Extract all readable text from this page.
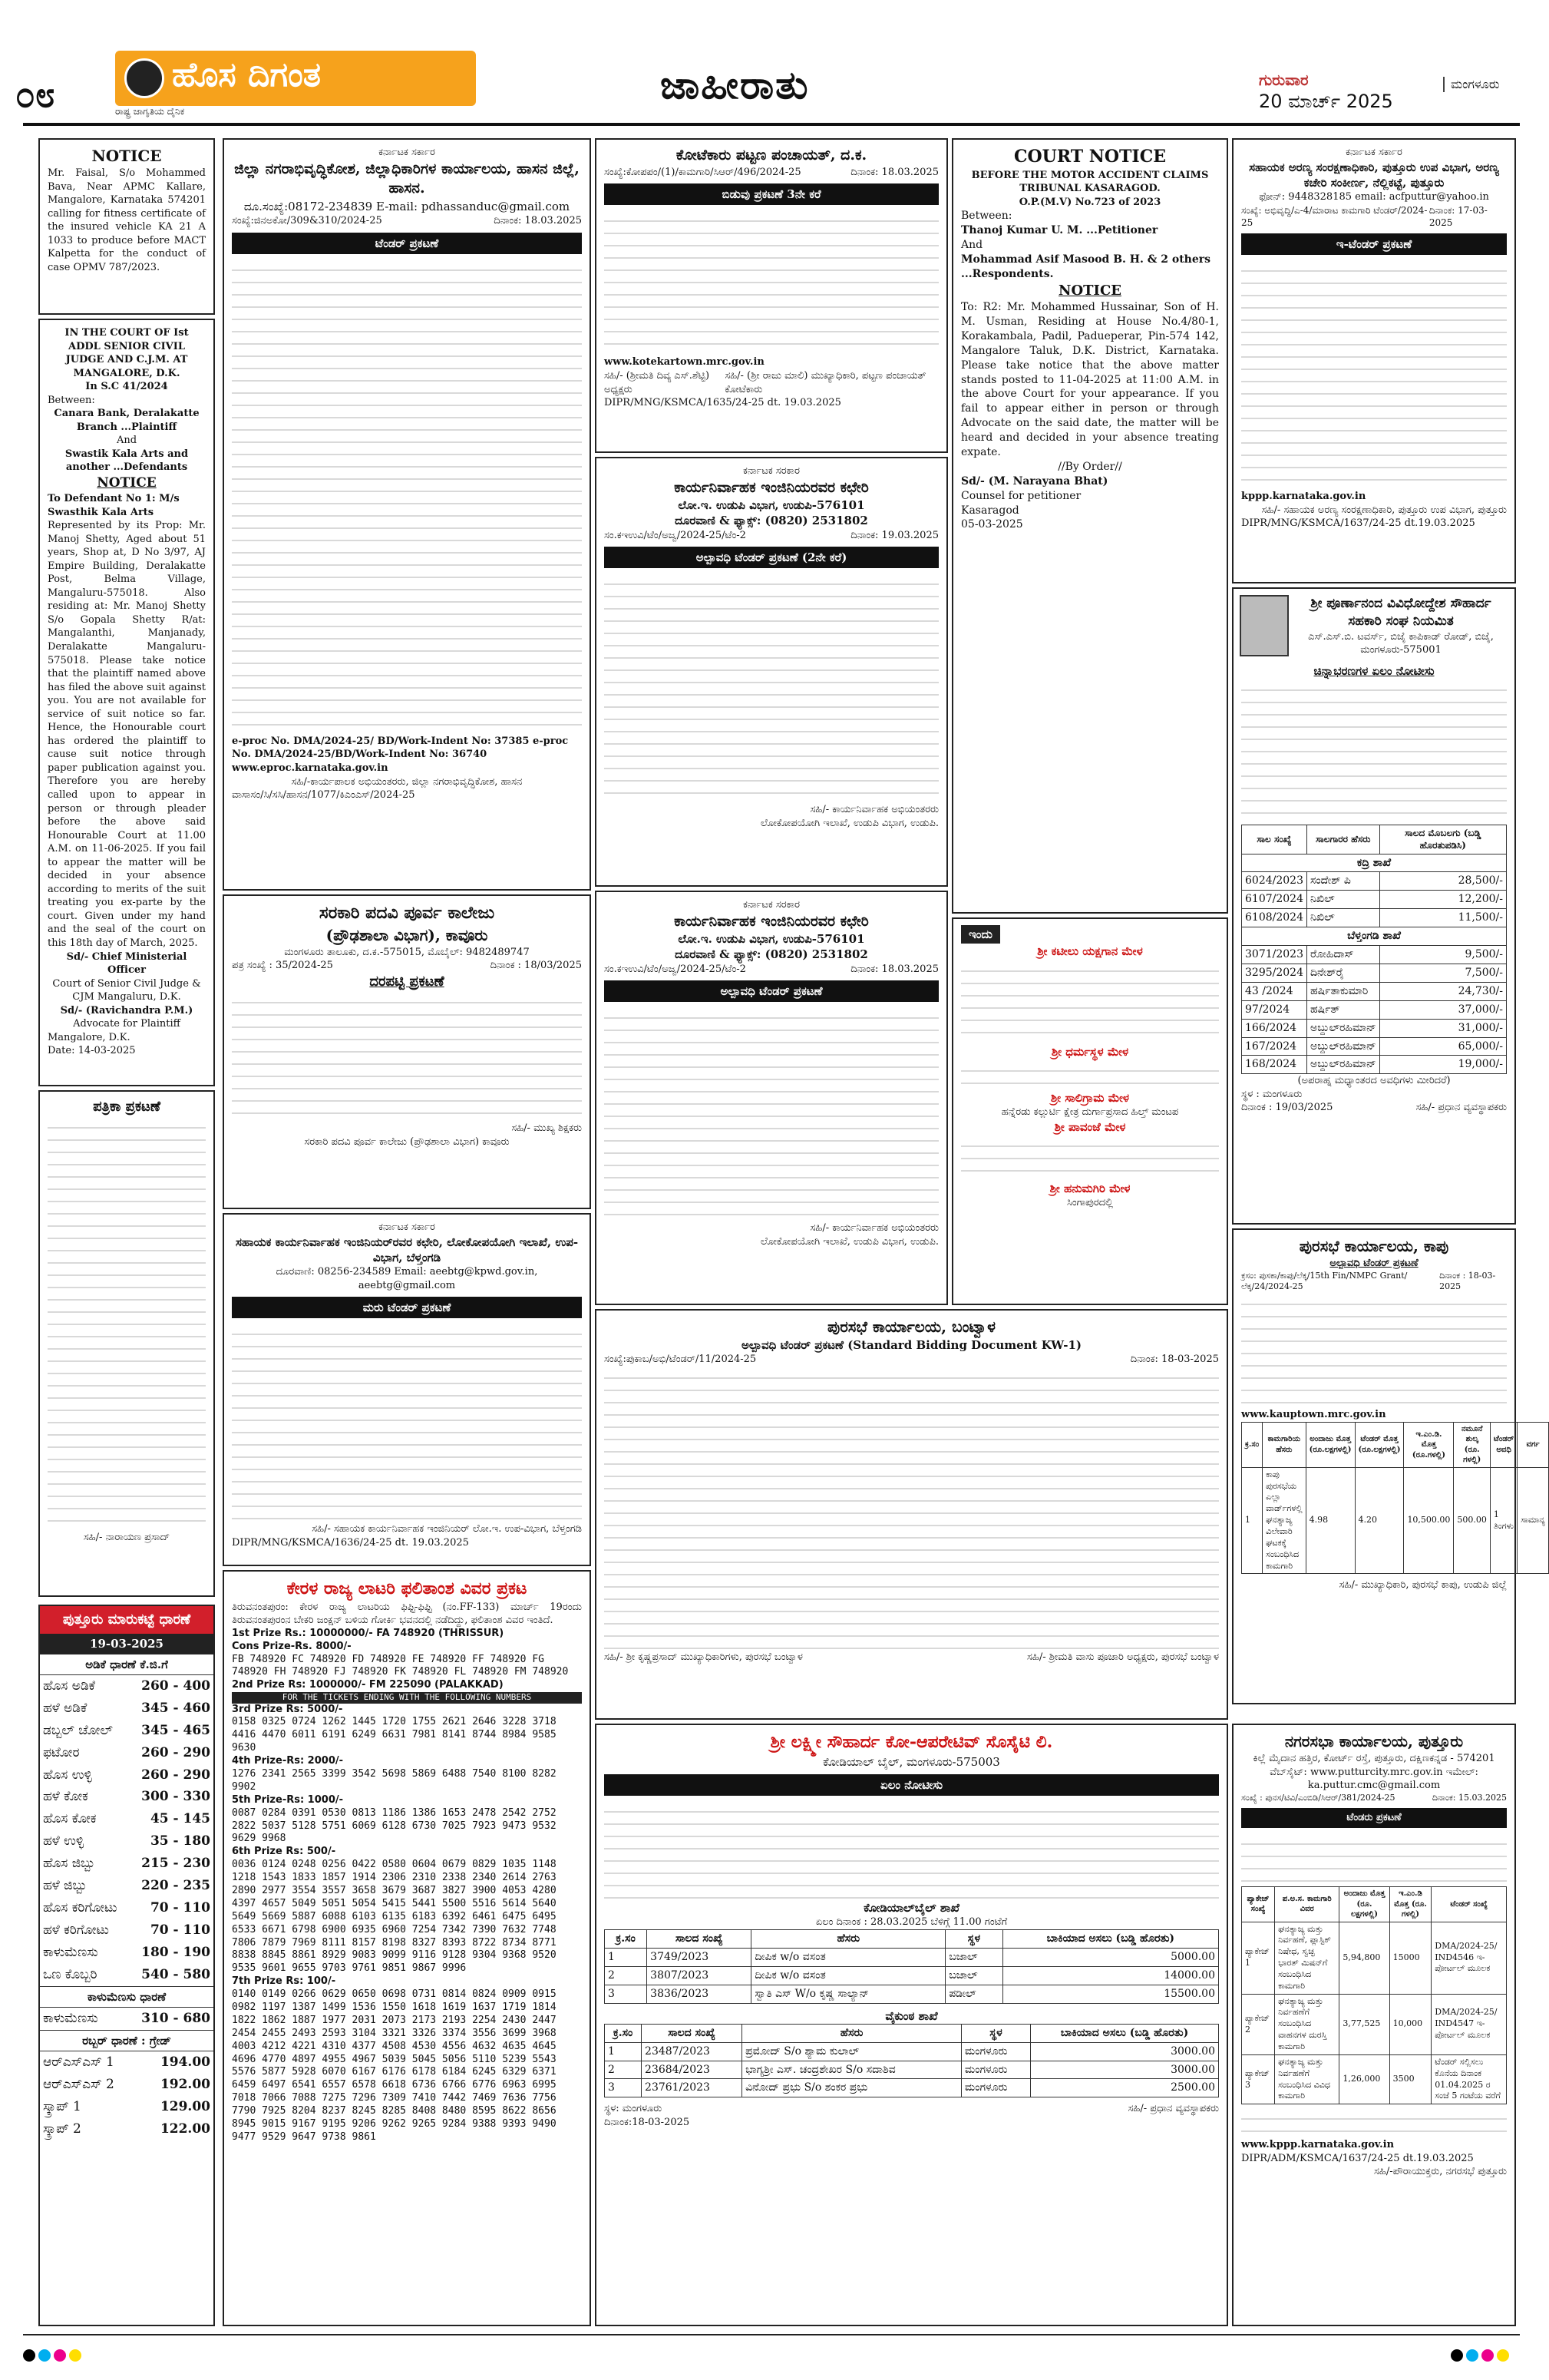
೦೮	ಹೊಸ ದಿಗಂತ
ರಾಷ್ಟ್ರ ಜಾಗೃತಿಯ ದೈನಿಕ
ಜಾಹೀರಾತು	ಗುರುವಾರ
20 ಮಾರ್ಚ್ 2025
ಮಂಗಳೂರು
NOTICE
Mr. Faisal, S/o Mohammed Bava, Near APMC Kallare, Mangalore, Karnataka 574201 calling for fitness certificate of the insured vehicle KA 21 A 1033 to produce before MACT Kalpetta for the conduct of case OPMV 787/2023.
IN THE COURT OF Ist ADDL SENIOR CIVIL JUDGE AND C.J.M. AT MANGALORE, D.K.
In S.C 41/2024
Between:
Canara Bank, Deralakatte Branch ...Plaintiff
And
Swastik Kala Arts and another ...Defendants
NOTICE
To Defendant No 1: M/s Swasthik Kala Arts
Represented by its Prop: Mr. Manoj Shetty, Aged about 51 years, Shop at, D No 3/97, AJ Empire Building, Deralakatte Post, Belma Village, Mangaluru-575018. Also residing at: Mr. Manoj Shetty S/o Gopala Shetty R/at: Mangalanthi, Manjanady, Deralakatte Mangaluru-575018. Please take notice that the plaintiff named above has filed the above suit against you. You are not available for service of suit notice so far. Hence, the Honourable court has ordered the plaintiff to cause suit notice through paper publication against you. Therefore you are hereby called upon to appear in person or through pleader before the above said Honourable Court at 11.00 A.M. on 11-06-2025. If you fail to appear the matter will be decided in your absence according to merits of the suit treating you ex-parte by the court. Given under my hand and the seal of the court on this 18th day of March, 2025.
Sd/- Chief Ministerial Officer
Court of Senior Civil Judge & CJM Mangaluru, D.K.
Sd/- (Ravichandra P.M.)
Advocate for Plaintiff
Mangalore, D.K.
Date: 14-03-2025
ಪತ್ರಿಕಾ ಪ್ರಕಟಣೆ
ಸಹಿ/- ನಾರಾಯಣ ಪ್ರಸಾದ್
ಪುತ್ತೂರು ಮಾರುಕಟ್ಟೆ ಧಾರಣೆ
19-03-2025
ಅಡಿಕೆ ಧಾರಣೆ ಕೆ.ಜಿ.ಗೆ
ಹೊಸ ಅಡಿಕೆ	260 - 400
ಹಳೆ ಅಡಿಕೆ	345 - 460
ಡಬ್ಬಲ್ ಚೋಲ್	345 - 465
ಫಟೋರ	260 - 290
ಹೊಸ ಉಳ್ಳಿ	260 - 290
ಹಳೆ ಕೋಕ	300 - 330
ಹೊಸ ಕೋಕ	45 - 145
ಹಳೆ ಉಳ್ಳಿ	35 - 180
ಹೊಸ ಜಿಬ್ಬು	215 - 230
ಹಳೆ ಜಿಬ್ಬು	220 - 235
ಹೊಸ ಕರಿಗೋಟು	70 - 110
ಹಳೆ ಕರಿಗೋಟು	70 - 110
ಕಾಳುಮೆಣಸು	180 - 190
ಒಣ ಕೊಬ್ಬರಿ	540 - 580
ಕಾಳುಮೆಣಸು ಧಾರಣೆ
ಕಾಳುಮೆಣಸು	310 - 680
ರಬ್ಬರ್ ಧಾರಣೆ : ಗ್ರೇಡ್
ಆರ್‌ಎಸ್‌ಎಸ್ 1	194.00
ಆರ್‌ಎಸ್‌ಎಸ್ 2	192.00
ಸ್ಕ್ರಾಪ್ 1	129.00
ಸ್ಕ್ರಾಪ್ 2	122.00
ಕರ್ನಾಟಕ ಸರ್ಕಾರ
ಜಿಲ್ಲಾ ನಗರಾಭಿವೃದ್ಧಿಕೋಶ, ಜಿಲ್ಲಾಧಿಕಾರಿಗಳ ಕಾರ್ಯಾಲಯ, ಹಾಸನ ಜಿಲ್ಲೆ, ಹಾಸನ.
ದೂ.ಸಂಖ್ಯೆ:08172-234839 E-mail: pdhassanduc@gmail.com
ಸಂಖ್ಯೆ:ಜಿನಅಕೋ/309&310/2024-25	ದಿನಾಂಕ: 18.03.2025
ಟೆಂಡರ್ ಪ್ರಕಟಣೆ
e-proc No. DMA/2024-25/ BD/Work-Indent No: 37385 e-proc No. DMA/2024-25/BD/Work-Indent No: 36740
www.eproc.karnataka.gov.in
ಸಹಿ/-ಕಾರ್ಯಪಾಲಕ ಅಭಿಯಂತರರು, ಜಿಲ್ಲಾ ನಗರಾಭಿವೃದ್ಧಿಕೋಶ, ಹಾಸನ
ವಾಸಾಸಂ/ಸಿ/ಸಸಿ/ಹಾಸನ/1077/ಕಿಎಂಎಸ್/2024-25
ಸರಕಾರಿ ಪದವಿ ಪೂರ್ವ ಕಾಲೇಜು
(ಪ್ರೌಢಶಾಲಾ ವಿಭಾಗ), ಕಾವೂರು
ಮಂಗಳೂರು ತಾಲೂಕು, ದ.ಕ.-575015, ಮೊಬೈಲ್: 9482489747
ಪತ್ರ ಸಂಖ್ಯೆ : 35/2024-25	ದಿನಾಂಕ : 18/03/2025
ದರಪಟ್ಟಿ ಪ್ರಕಟಣೆ
ಸಹಿ/- ಮುಖ್ಯ ಶಿಕ್ಷಕರು
ಸರಕಾರಿ ಪದವಿ ಪೂರ್ವ ಕಾಲೇಜು (ಪ್ರೌಢಶಾಲಾ ವಿಭಾಗ) ಕಾವೂರು
ಕರ್ನಾಟಕ ಸರ್ಕಾರ
ಸಹಾಯಕ ಕಾರ್ಯನಿರ್ವಾಹಕ ಇಂಜಿನಿಯರ್‌ರವರ ಕಛೇರಿ, ಲೋಕೋಪಯೋಗಿ ಇಲಾಖೆ, ಉಪ-ವಿಭಾಗ, ಬೆಳ್ತಂಗಡಿ
ದೂರವಾಣಿ: 08256-234589 Email: aeebtg@kpwd.gov.in, aeebtg@gmail.com
ಮರು ಟೆಂಡರ್ ಪ್ರಕಟಣೆ
ಸಹಿ/- ಸಹಾಯಕ ಕಾರ್ಯನಿರ್ವಾಹಕ ಇಂಜಿನಿಯರ್ ಲೋ.ಇ. ಉಪ-ವಿಭಾಗ, ಬೆಳ್ತಂಗಡಿ
DIPR/MNG/KSMCA/1636/24-25 dt. 19.03.2025
ಕೇರಳ ರಾಜ್ಯ ಲಾಟರಿ ಫಲಿತಾಂಶ ವಿವರ ಪ್ರಕಟ
ತಿರುವನಂತಪುರಂ: ಕೇರಳ ರಾಜ್ಯ ಲಾಟರಿಯ ಫಿಫ್ಟಿ-ಫಿಫ್ಟಿ (ನಂ.FF-133) ಮಾರ್ಚ್ 19ರಂದು ತಿರುವನಂತಪುರಂನ ಬೇಕರಿ ಜಂಕ್ಷನ್ ಬಳಿಯ ಗೋರ್ಕಿ ಭವನದಲ್ಲಿ ನಡೆದಿದ್ದು, ಫಲಿತಾಂಶ ವಿವರ ಇಂತಿದೆ.
1st Prize Rs.: 10000000/- FA 748920 (THRISSUR)
Cons Prize-Rs. 8000/-
FB 748920 FC 748920 FD 748920 FE 748920 FF 748920 FG 748920 FH 748920 FJ 748920 FK 748920 FL 748920 FM 748920
2nd Prize Rs: 1000000/- FM 225090 (PALAKKAD)
FOR THE TICKETS ENDING WITH THE FOLLOWING NUMBERS
3rd Prize Rs: 5000/-
0158 0325 0724 1262 1445 1720 1755 2621 2646 3228 3718 4416 4470 6011 6191 6249 6631 7981 8141 8744 8984 9585 9630
4th Prize-Rs: 2000/-
1276 2341 2565 3399 3542 5698 5869 6488 7540 8100 8282 9902
5th Prize-Rs: 1000/-
0087 0284 0391 0530 0813 1186 1386 1653 2478 2542 2752 2822 5037 5128 5751 6069 6128 6730 7025 7923 9473 9532 9629 9968
6th Prize Rs: 500/-
0036 0124 0248 0256 0422 0580 0604 0679 0829 1035 1148 1218 1543 1833 1857 1914 2306 2310 2338 2340 2614 2763 2890 2977 3554 3557 3658 3679 3687 3827 3900 4053 4280 4397 4657 5049 5051 5054 5415 5441 5500 5516 5614 5640 5649 5669 5887 6088 6103 6135 6183 6392 6461 6475 6495 6533 6671 6798 6900 6935 6960 7254 7342 7390 7632 7748 7806 7879 7969 8111 8157 8198 8327 8393 8722 8734 8771 8838 8845 8861 8929 9083 9099 9116 9128 9304 9368 9520 9535 9601 9655 9703 9761 9851 9867 9996
7th Prize Rs: 100/-
0140 0149 0266 0629 0650 0698 0731 0814 0824 0909 0915 0982 1197 1387 1499 1536 1550 1618 1619 1637 1719 1814 1822 1862 1887 1977 2031 2073 2173 2193 2254 2430 2447 2454 2455 2493 2593 3104 3321 3326 3374 3556 3699 3968 4003 4212 4221 4310 4377 4508 4530 4556 4632 4635 4645 4696 4770 4897 4955 4967 5039 5045 5056 5110 5239 5543 5576 5877 5928 6070 6167 6176 6178 6184 6245 6329 6371 6459 6497 6541 6557 6578 6618 6736 6766 6776 6963 6995 7018 7066 7088 7275 7296 7309 7410 7442 7469 7636 7756 7790 7925 8204 8237 8245 8285 8408 8480 8595 8622 8656 8945 9015 9167 9195 9206 9262 9265 9284 9388 9393 9490 9477 9529 9647 9738 9861
ಕೋಟೆಕಾರು ಪಟ್ಟಣ ಪಂಚಾಯತ್, ದ.ಕ.
ಸಂಖ್ಯೆ:ಕೋಪಪಂ/(1)/ಕಾಮಗಾರಿ/ಸಿಆರ್/496/2024-25	ದಿನಾಂಕ: 18.03.2025
ಬಿಡುವು ಪ್ರಕಟಣೆ 3ನೇ ಕರೆ
www.kotekartown.mrc.gov.in
ಸಹಿ/- (ಶ್ರೀಮತಿ ದಿವ್ಯ ಎಸ್.ಶೆಟ್ಟಿ) ಅಧ್ಯಕ್ಷರು
ಸಹಿ/- (ಶ್ರೀ ರಾಜು ಮಾಲಿ) ಮುಖ್ಯಾಧಿಕಾರಿ, ಪಟ್ಟಣ ಪಂಚಾಯತ್ ಕೋಟೆಕಾರು
DIPR/MNG/KSMCA/1635/24-25 dt. 19.03.2025
ಕರ್ನಾಟಕ ಸರಕಾರ
ಕಾರ್ಯನಿರ್ವಾಹಕ ಇಂಜಿನಿಯರವರ ಕಛೇರಿ
ಲೋ.ಇ. ಉಡುಪಿ ವಿಭಾಗ, ಉಡುಪಿ-576101
ದೂರವಾಣಿ & ಫ್ಯಾಕ್ಸ್: (0820) 2531802
ಸಂ.ಕಇಉವಿ/ಟೆಂ/ಅಜ್ವ/2024-25/ಟೆಂ-2	ದಿನಾಂಕ: 19.03.2025
ಅಲ್ಪಾವಧಿ ಟೆಂಡರ್ ಪ್ರಕಟಣೆ (2ನೇ ಕರೆ)
ಸಹಿ/- ಕಾರ್ಯನಿರ್ವಾಹಕ ಅಭಿಯಂತರರು
ಲೋಕೋಪಯೋಗಿ ಇಲಾಖೆ, ಉಡುಪಿ ವಿಭಾಗ, ಉಡುಪಿ.
ಕರ್ನಾಟಕ ಸರಕಾರ
ಕಾರ್ಯನಿರ್ವಾಹಕ ಇಂಜಿನಿಯರವರ ಕಛೇರಿ
ಲೋ.ಇ. ಉಡುಪಿ ವಿಭಾಗ, ಉಡುಪಿ-576101
ದೂರವಾಣಿ & ಫ್ಯಾಕ್ಸ್: (0820) 2531802
ಸಂ.ಕಇಉವಿ/ಟೆಂ/ಅಜ್ವ/2024-25/ಟೆಂ-2	ದಿನಾಂಕ: 18.03.2025
ಅಲ್ಪಾವಧಿ ಟೆಂಡರ್ ಪ್ರಕಟಣೆ
ಸಹಿ/- ಕಾರ್ಯನಿರ್ವಾಹಕ ಅಭಿಯಂತರರು
ಲೋಕೋಪಯೋಗಿ ಇಲಾಖೆ, ಉಡುಪಿ ವಿಭಾಗ, ಉಡುಪಿ.
ಪುರಸಭೆ ಕಾರ್ಯಾಲಯ, ಬಂಟ್ವಾಳ
ಅಲ್ಪಾವಧಿ ಟೆಂಡರ್ ಪ್ರಕಟಣೆ (Standard Bidding Document KW-1)
ಸಂಖ್ಯೆ:ಪುಕಾಬ/ಅಭಿ/ಟೆಂಡರ್/11/2024-25	ದಿನಾಂಕ: 18-03-2025
ಸಹಿ/- ಶ್ರೀ ಕೃಷ್ಣಪ್ರಸಾದ್ ಮುಖ್ಯಾಧಿಕಾರಿಗಳು, ಪುರಸಭೆ ಬಂಟ್ವಾಳ	ಸಹಿ/- ಶ್ರೀಮತಿ ವಾಸು ಪೂಜಾರಿ ಅಧ್ಯಕ್ಷರು, ಪುರಸಭೆ ಬಂಟ್ವಾಳ
ಶ್ರೀ ಲಕ್ಷ್ಮೀ ಸೌಹಾರ್ದ ಕೋ-ಆಪರೇಟಿವ್ ಸೊಸೈಟಿ ಲಿ.
ಕೋಡಿಯಾಲ್ ಬೈಲ್, ಮಂಗಳೂರು-575003
ಏಲಂ ನೋಟೀಸು
ಕೋಡಿಯಾಲ್‌ಬೈಲ್ ಶಾಖೆ
ಏಲಂ ದಿನಾಂಕ : 28.03.2025 ಬೆಳಿಗ್ಗೆ 11.00 ಗಂಟೆಗೆ
ಕ್ರ.ಸಂ	ಸಾಲದ ಸಂಖ್ಯೆ	ಹೆಸರು	ಸ್ಥಳ	ಬಾಕಿಯಾದ ಅಸಲು (ಬಡ್ಡಿ ಹೊರತು)
1	3749/2023	ದೀಪಿಕ w/o ವಸಂತ	ಬಜಾಲ್	5000.00
2	3807/2023	ದೀಪಿಕ w/o ವಸಂತ	ಬಜಾಲ್	14000.00
3	3836/2023	ಸ್ವಾತಿ ಎಸ್ W/o ಕೃಷ್ಣ ಸಾಲ್ಯಾನ್	ಪಡೀಲ್	15500.00
ವೈಕುಂಠ ಶಾಖೆ
ಕ್ರ.ಸಂ	ಸಾಲದ ಸಂಖ್ಯೆ	ಹೆಸರು	ಸ್ಥಳ	ಬಾಕಿಯಾದ ಅಸಲು (ಬಡ್ಡಿ ಹೊರತು)
1	23487/2023	ಪ್ರಮೋದ್ S/o ಶ್ಯಾಮ ಕುಲಾಲ್	ಮಂಗಳೂರು	3000.00
2	23684/2023	ಭಾಗ್ಯಶ್ರೀ ಎಸ್. ಚಂದ್ರಶೇಖರ S/o ಸದಾಶಿವ	ಮಂಗಳೂರು	3000.00
3	23761/2023	ವಿನೋದ್ ಪ್ರಭು S/o ಶಂಕರ ಪ್ರಭು	ಮಂಗಳೂರು	2500.00
ಸ್ಥಳ: ಮಂಗಳೂರು	ಸಹಿ/- ಪ್ರಧಾನ ವ್ಯವಸ್ಥಾಪಕರು
ದಿನಾಂಕ:18-03-2025
COURT NOTICE
BEFORE THE MOTOR ACCIDENT CLAIMS TRIBUNAL KASARAGOD.
O.P.(M.V) No.723 of 2023
Between:
Thanoj Kumar U. M. ...Petitioner
And
Mohammad Asif Masood B. H. & 2 others ...Respondents.
NOTICE
To: R2: Mr. Mohammed Hussainar, Son of H. M. Usman, Residing at House No.4/80-1, Korakambala, Padil, Padueperar, Pin-574 142, Mangalore Taluk, D.K. District, Karnataka. Please take notice that the above matter stands posted to 11-04-2025 at 11:00 A.M. in the above Court for your appearance. If you fail to appear either in person or through Advocate on the said date, the matter will be heard and decided in your absence treating expate.
//By Order//
Sd/- (M. Narayana Bhat)
Counsel for petitioner
Kasaragod
05-03-2025
ಇಂದು
ಶ್ರೀ ಕಟೀಲು ಯಕ್ಷಗಾನ ಮೇಳ
ಶ್ರೀ ಧರ್ಮಸ್ಥಳ ಮೇಳ
ಶ್ರೀ ಸಾಲಿಗ್ರಾಮ ಮೇಳ
ಹನ್ನೆರಡು ಕಲ್ಲುರ್ಟಿ ಕ್ಷೇತ್ರ ದುರ್ಗಾಪ್ರಸಾದ ಹಿಲ್ತ್ ಮಂಟಪ
ಶ್ರೀ ಪಾವಂಜೆ ಮೇಳ
ಶ್ರೀ ಹನುಮಗಿರಿ ಮೇಳ
ಸಿಂಗಾಪುರದಲ್ಲಿ
ಕರ್ನಾಟಕ ಸರ್ಕಾರ
ಸಹಾಯಕ ಅರಣ್ಯ ಸಂರಕ್ಷಣಾಧಿಕಾರಿ, ಪುತ್ತೂರು ಉಪ ವಿಭಾಗ, ಅರಣ್ಯ ಕಚೇರಿ ಸಂಕೀರ್ಣ, ನೆಲ್ಲಿಕಟ್ಟೆ, ಪುತ್ತೂರು
ಫೋನ್: 9448328185 email: acfputtur@yahoo.in
ಸಂಖ್ಯೆ: ಅಭಿವೃದ್ಧಿ/ಎ-4/ಮಾರಾಟ ಕಾಮಗಾರಿ ಟೆಂಡರ್/2024-25
ದಿನಾಂಕ: 17-03-2025
ಇ-ಟೆಂಡರ್ ಪ್ರಕಟಣೆ
kppp.karnataka.gov.in
ಸಹಿ/- ಸಹಾಯಕ ಅರಣ್ಯ ಸಂರಕ್ಷಣಾಧಿಕಾರಿ, ಪುತ್ತೂರು ಉಪ ವಿಭಾಗ, ಪುತ್ತೂರು
DIPR/MNG/KSMCA/1637/24-25 dt.19.03.2025
ಶ್ರೀ ಪೂರ್ಣಾನಂದ ವಿವಿಧೋದ್ದೇಶ ಸೌಹಾರ್ದ ಸಹಕಾರಿ ಸಂಘ ನಿಯಮಿತ
ಎಸ್.ಎಸ್.ಬಿ. ಟವರ್ಸ್, ಬಿಜೈ ಕಾಪಿಕಾಡ್ ರೋಡ್, ಬಿಜೈ, ಮಂಗಳೂರು-575001
ಚಿನ್ನಾಭರಣಗಳ ಏಲಂ ನೋಟೀಸು
ಸಾಲ ಸಂಖ್ಯೆ	ಸಾಲಗಾರರ ಹೆಸರು	ಸಾಲದ ಮೊಬಲಗು (ಬಡ್ಡಿ ಹೊರತುಪಡಿಸಿ)
ಕದ್ರಿ ಶಾಖೆ		
6024/2023	ಸಂದೇಶ್ ಪಿ	28,500/-
6107/2024	ನಿಖಿಲ್	12,200/-
6108/2024	ನಿಖಿಲ್	11,500/-
ಬೆಳ್ತಂಗಡಿ ಶಾಖೆ		
3071/2023	ರೋಹಿದಾಸ್	9,500/-
3295/2024	ದಿನೇಶ್‌ರೈ	7,500/-
43 /2024	ಹರ್ಷಿತಾಕುಮಾರಿ	24,730/-
97/2024	ಹರ್ಷಿತ್	37,000/-
166/2024	ಅಬ್ದುಲ್‌ರಹಿಮಾನ್	31,000/-
167/2024	ಅಬ್ದುಲ್‌ರಹಿಮಾನ್	65,000/-
168/2024	ಅಬ್ದುಲ್‌ರಹಿಮಾನ್	19,000/-
(ಅಪರಾಹ್ನ ಮಧ್ಯಾಂತರದ ಅವಧಿಗಳು ಮೀರಿದರೆ)
ಸ್ಥಳ : ಮಂಗಳೂರು
ದಿನಾಂಕ : 19/03/2025	ಸಹಿ/- ಪ್ರಧಾನ ವ್ಯವಸ್ಥಾಪಕರು
ಪುರಸಭೆ ಕಾರ್ಯಾಲಯ, ಕಾಪು
ಅಲ್ಪಾವಧಿ ಟೆಂಡರ್ ಪ್ರಕಟಣೆ
ಕ್ರಸಂ: ಪುಸಕಾ/ಕಾಪು/ಲೆಕ್ಕ/15th Fin/NMPC Grant/ಲೆಕ್ಕ/24/2024-25
ದಿನಾಂಕ : 18-03-2025
www.kauptown.mrc.gov.in
ಕ್ರ.ಸಂ	ಕಾಮಗಾರಿಯ ಹೆಸರು	ಅಂದಾಜು ಮೊತ್ತ (ರೂ.ಲಕ್ಷಗಳಲ್ಲಿ)	ಟೆಂಡರ್ ಮೊತ್ತ (ರೂ.ಲಕ್ಷಗಳಲ್ಲಿ)	ಇ.ಎಂ.ಡಿ. ಮೊತ್ತ (ರೂ.ಗಳಲ್ಲಿ)	ನಮೂನೆ ಶುಲ್ಕ (ರೂ. ಗಳಲ್ಲಿ)	ಟೆಂಡರ್ ಅವಧಿ	ವರ್ಗ
1	ಕಾಪು ಪುರಸಭೆಯ ಎಲ್ಲಾ ವಾರ್ಡ್‌ಗಳಲ್ಲಿ ಘನತ್ಯಾಜ್ಯ ವಿಲೇವಾರಿ ಘಟಕಕ್ಕೆ ಸಂಬಂಧಿಸಿದ ಕಾಮಗಾರಿ	4.98	4.20	10,500.00	500.00	1 ತಿಂಗಳು	ಸಾಮಾನ್ಯ
ಸಹಿ/- ಮುಖ್ಯಾಧಿಕಾರಿ, ಪುರಸಭೆ ಕಾಪು, ಉಡುಪಿ ಜಿಲ್ಲೆ
ನಗರಸಭಾ ಕಾರ್ಯಾಲಯ, ಪುತ್ತೂರು
ಕಿಲ್ಲೆ ಮೈದಾನ ಹತ್ತಿರ, ಕೋರ್ಟ್ ರಸ್ತೆ, ಪುತ್ತೂರು, ದಕ್ಷಿಣಕನ್ನಡ - 574201
ವೆಬ್‌ಸೈಟ್: www.putturcity.mrc.gov.in ಇಮೇಲ್: ka.puttur.cmc@gmail.com
ಸಂಖ್ಯೆ : ಪುನಸ/ಟಿವಿ/ಎಂಬಿಡಿ/ಸಿಆರ್/381/2024-25	ದಿನಾಂಕ: 15.03.2025
ಟೆಂಡರು ಪ್ರಕಟಣೆ
ಪ್ಯಾಕೇಜ್ ಸಂಖ್ಯೆ	ಪ.ಅ.ಸ. ಕಾಮಗಾರಿ ವಿವರ	ಅಂದಾಜು ಮೊತ್ತ (ರೂ. ಲಕ್ಷಗಳಲ್ಲಿ)	ಇ.ಎಂ.ಡಿ ಮೊತ್ತ (ರೂ. ಗಳಲ್ಲಿ)	ಟೆಂಡರ್ ಸಂಖ್ಯೆ
ಪ್ಯಾಕೇಜ್ 1	ಘನತ್ಯಾಜ್ಯ ಮತ್ತು ನಿರ್ವಹಣೆ, ಪ್ಲಾಸ್ಟಿಕ್ ನಿಷೇಧ, ಸ್ವಚ್ಛ ಭಾರತ್ ಮಿಷನ್‌ಗೆ ಸಂಬಂಧಿಸಿದ ಕಾಮಗಾರಿ	5,94,800	15000	DMA/2024-25/ IND4546 ಇ-ಪೋರ್ಟಲ್ ಮೂಲಕ
ಪ್ಯಾಕೇಜ್ 2	ಘನತ್ಯಾಜ್ಯ ಮತ್ತು ನಿರ್ವಹಣೆಗೆ ಸಂಬಂಧಿಸಿದ ವಾಹನಗಳ ದುರಸ್ತಿ ಕಾಮಗಾರಿ	3,77,525	10,000	DMA/2024-25/ IND4547 ಇ-ಪೋರ್ಟಲ್ ಮೂಲಕ
ಪ್ಯಾಕೇಜ್ 3	ಘನತ್ಯಾಜ್ಯ ಮತ್ತು ನಿರ್ವಹಣೆಗೆ ಸಂಬಂಧಿಸಿದ ವಿವಿಧ ಕಾಮಗಾರಿ	1,26,000	3500	ಟೆಂಡರ್ ಸಲ್ಲಿಸಲು ಕೊನೆಯ ದಿನಾಂಕ 01.04.2025 ರ ಸಂಜೆ 5 ಗಂಟೆಯ ವರೆಗೆ
www.kppp.karnataka.gov.in
DIPR/ADM/KSMCA/1637/24-25 dt.19.03.2025
ಸಹಿ/-ಪೌರಾಯುಕ್ತರು, ನಗರಸಭೆ ಪುತ್ತೂರು
